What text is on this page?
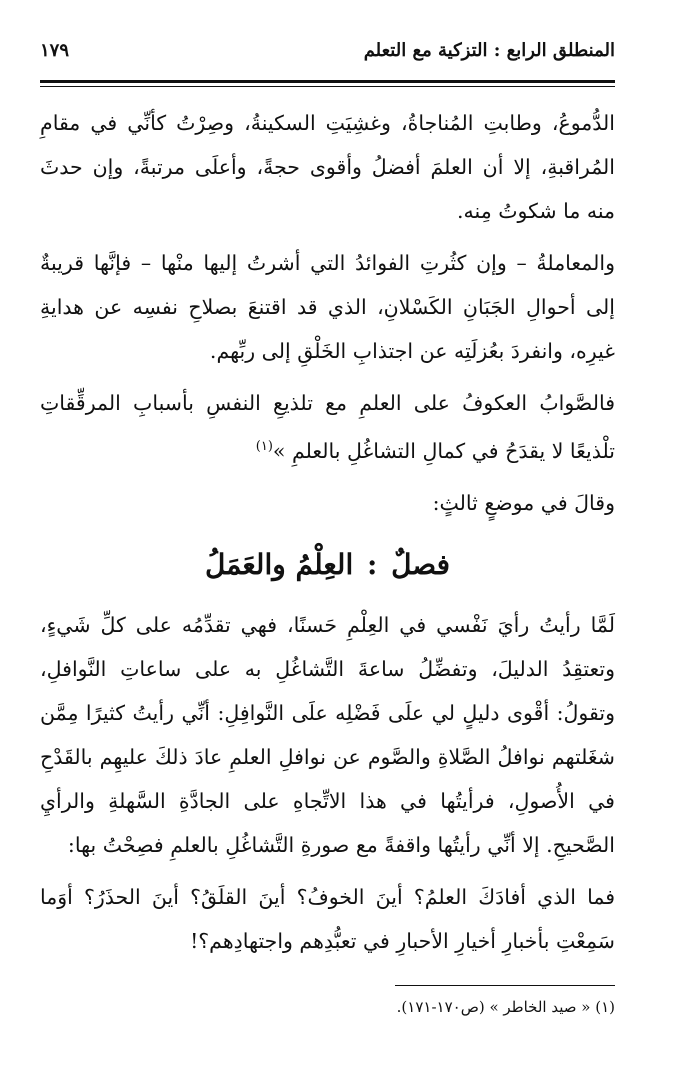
المنطلق الرابع : التزكية مع التعلم
١٧٩

الدُّموعُ، وطابتِ المُناجاةُ، وغشِيَتِ السكينةُ، وصِرْتُ كأنِّي في مقامِ المُراقبةِ، إلا أن العلمَ أفضلُ وأقوى حجةً، وأعلَى مرتبةً، وإن حدثَ منه ما شكوتُ مِنه.

والمعاملةُ – وإن كثُرتِ الفوائدُ التي أشرتُ إليها منْها – فإنَّها قريبةٌ إلى أحوالِ الجَبَانِ الكَسْلانِ، الذي قد اقتنعَ بصلاحِ نفسِه عن هدايةِ غيرِه، وانفردَ بعُزلَتِه عن اجتذابِ الخَلْقِ إلى ربِّهم.

فالصَّوابُ العكوفُ على العلمِ مع تلذيعِ النفسِ بأسبابِ المرقِّقاتِ تلْذيعًا لا يقدَحُ في كمالِ التشاغُلِ بالعلمِ »$^{(١)}$

وقالَ في موضعٍ ثالثٍ:

فصلٌ : العِلْمُ والعَمَلُ

لَمَّا رأيتُ رأيَ نَفْسي في العِلْمِ حَسنًا، فهي تقدِّمُه على كلِّ شَيءٍ، وتعتقِدُ الدليلَ، وتفضِّلُ ساعةَ التَّشاغُلِ به على ساعاتِ النَّوافلِ، وتقولُ: أقْوى دليلٍ لي علَى فَضْلِه علَى النَّوافِلِ: أنِّي رأيتُ كثيرًا مِمَّن شغَلتهم نوافلُ الصَّلاةِ والصَّوم عن نوافلِ العلمِ عادَ ذلكَ عليهِم بالقَدْحِ في الأُصولِ، فرأيتُها في هذا الاتِّجاهِ على الجادَّةِ السَّهلةِ والرأيِ الصَّحيحِ. إلا أنِّي رأيتُها واقفةً مع صورةِ التَّشاغُلِ بالعلمِ فصِحْتُ بها:

فما الذي أفادَكَ العلمُ؟ أينَ الخوفُ؟ أينَ القلَقُ؟ أينَ الحذَرُ؟ أوَما سَمِعْتِ بأخبارِ أخيارِ الأحبارِ في تعبُّدِهم واجتهادِهم؟!

(١) « صيد الخاطر » (ص١٧٠-١٧١).
